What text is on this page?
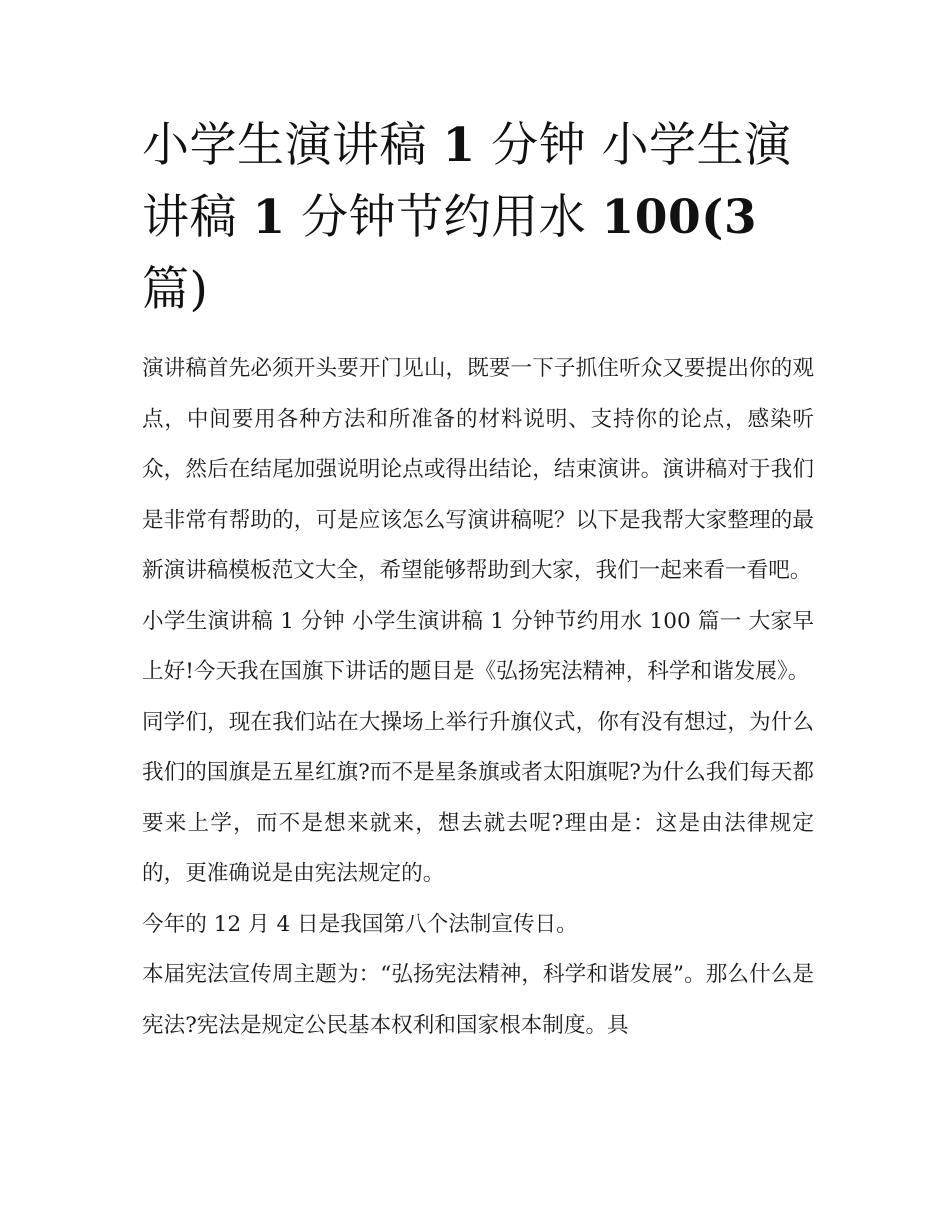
小学生演讲稿 1 分钟 小学生演讲稿 1 分钟节约用水 100(3 篇)

演讲稿首先必须开头要开门见山，既要一下子抓住听众又要提出你的观点，中间要用各种方法和所准备的材料说明、支持你的论点，感染听众，然后在结尾加强说明论点或得出结论，结束演讲。演讲稿对于我们是非常有帮助的，可是应该怎么写演讲稿呢？以下是我帮大家整理的最新演讲稿模板范文大全，希望能够帮助到大家，我们一起来看一看吧。

小学生演讲稿 1 分钟 小学生演讲稿 1 分钟节约用水 100 篇一 大家早上好!今天我在国旗下讲话的题目是《弘扬宪法精神，科学和谐发展》。

同学们，现在我们站在大操场上举行升旗仪式，你有没有想过，为什么我们的国旗是五星红旗?而不是星条旗或者太阳旗呢?为什么我们每天都要来上学，而不是想来就来，想去就去呢?理由是：这是由法律规定的，更准确说是由宪法规定的。

今年的 12 月 4 日是我国第八个法制宣传日。

本届宪法宣传周主题为：“弘扬宪法精神，科学和谐发展”。那么什么是宪法?宪法是规定公民基本权利和国家根本制度。具
